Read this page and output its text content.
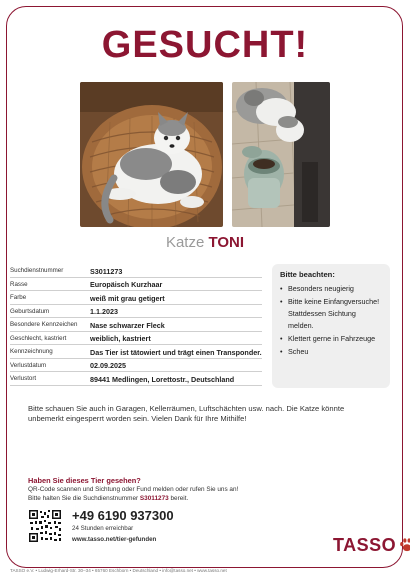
GESUCHT!
Katze TONI
Suchdienstnummer	S3011273
Rasse	Europäisch Kurzhaar
Farbe	weiß mit grau getigert
Geburtsdatum	1.1.2023
Besondere Kennzeichen	Nase schwarzer Fleck
Geschlecht, kastriert	weiblich, kastriert
Kennzeichnung	Das Tier ist tätowiert und trägt einen Transponder.
Verlustdatum	02.09.2025
Verlustort	89441 Medlingen, Lorettostr., Deutschland
Bitte beachten:
• Besonders neugierig
• Bitte keine Einfangversuche!
Stattdessen Sichtung
melden.
• Klettert gerne in Fahrzeuge
• Scheu
Bitte schauen Sie auch in Garagen, Kellerräumen, Luftschächten usw. nach. Die Katze könnte unbemerkt eingesperrt worden sein. Vielen Dank für Ihre Mithilfe!
Haben Sie dieses Tier gesehen?
QR-Code scannen und Sichtung oder Fund melden oder rufen Sie uns an!
Bitte halten Sie die Suchdienstnummer S3011273 bereit.
+49 6190 937300
24 Stunden erreichbar
www.tasso.net/tier-gefunden	TASSO
TASSO e.V. • Ludwig-Erhard-Str. 30–34 • 65760 Eschborn • Deutschland • info@tasso.net • www.tasso.net
